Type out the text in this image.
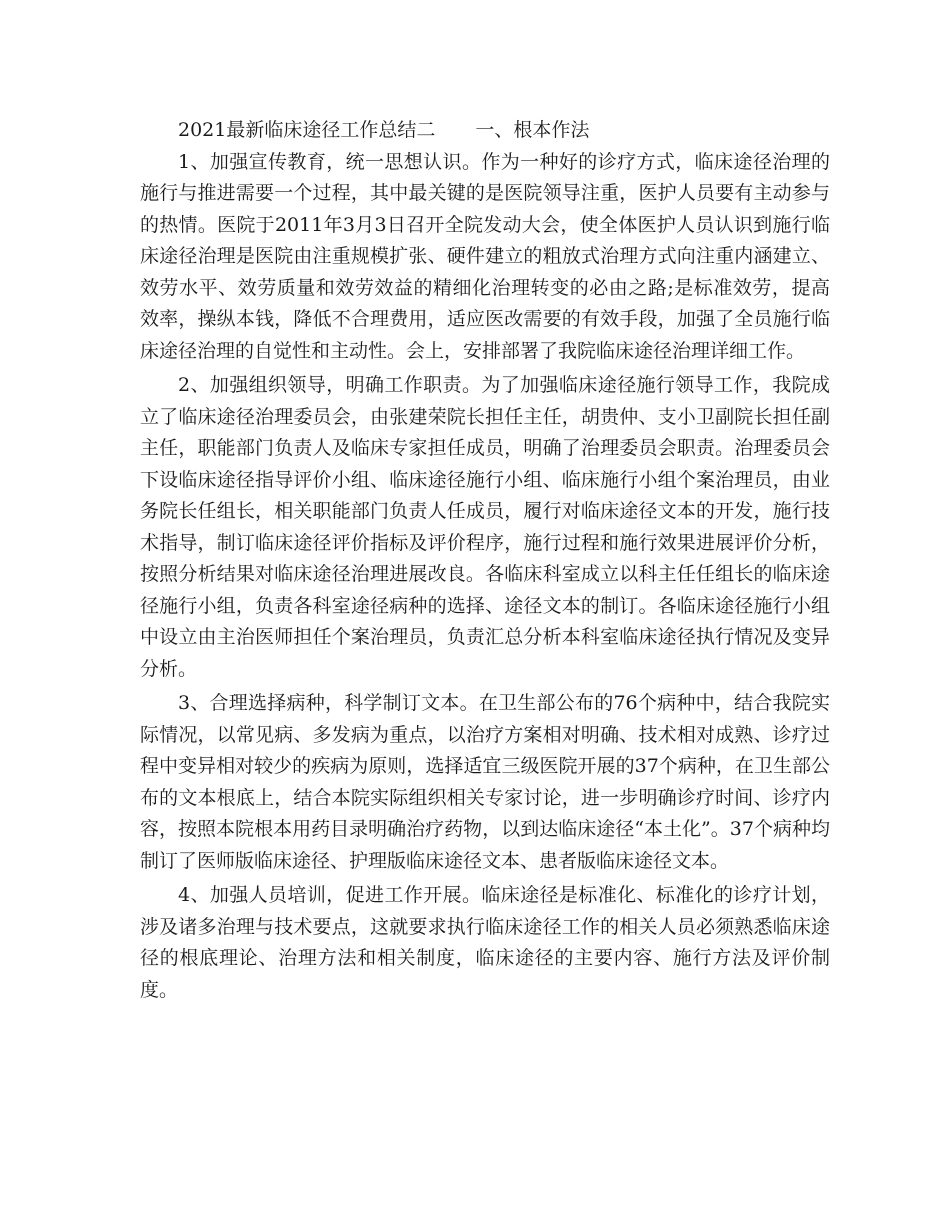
2021最新临床途径工作总结二 一、根本作法

1、加强宣传教育，统一思想认识。作为一种好的诊疗方式，临床途径治理的施行与推进需要一个过程，其中最关键的是医院领导注重，医护人员要有主动参与的热情。医院于2011年3月3日召开全院发动大会，使全体医护人员认识到施行临床途径治理是医院由注重规模扩张、硬件建立的粗放式治理方式向注重内涵建立、效劳水平、效劳质量和效劳效益的精细化治理转变的必由之路;是标准效劳，提高效率，操纵本钱，降低不合理费用，适应医改需要的有效手段，加强了全员施行临床途径治理的自觉性和主动性。会上，安排部署了我院临床途径治理详细工作。

2、加强组织领导，明确工作职责。为了加强临床途径施行领导工作，我院成立了临床途径治理委员会，由张建荣院长担任主任，胡贵仲、支小卫副院长担任副主任，职能部门负责人及临床专家担任成员，明确了治理委员会职责。治理委员会下设临床途径指导评价小组、临床途径施行小组、临床施行小组个案治理员，由业务院长任组长，相关职能部门负责人任成员，履行对临床途径文本的开发，施行技术指导，制订临床途径评价指标及评价程序，施行过程和施行效果进展评价分析，按照分析结果对临床途径治理进展改良。各临床科室成立以科主任任组长的临床途径施行小组，负责各科室途径病种的选择、途径文本的制订。各临床途径施行小组中设立由主治医师担任个案治理员，负责汇总分析本科室临床途径执行情况及变异分析。

3、合理选择病种，科学制订文本。在卫生部公布的76个病种中，结合我院实际情况，以常见病、多发病为重点，以治疗方案相对明确、技术相对成熟、诊疗过程中变异相对较少的疾病为原则，选择适宜三级医院开展的37个病种，在卫生部公布的文本根底上，结合本院实际组织相关专家讨论，进一步明确诊疗时间、诊疗内容，按照本院根本用药目录明确治疗药物，以到达临床途径“本土化”。37个病种均制订了医师版临床途径、护理版临床途径文本、患者版临床途径文本。

4、加强人员培训，促进工作开展。临床途径是标准化、标准化的诊疗计划，涉及诸多治理与技术要点，这就要求执行临床途径工作的相关人员必须熟悉临床途径的根底理论、治理方法和相关制度，临床途径的主要内容、施行方法及评价制度。
